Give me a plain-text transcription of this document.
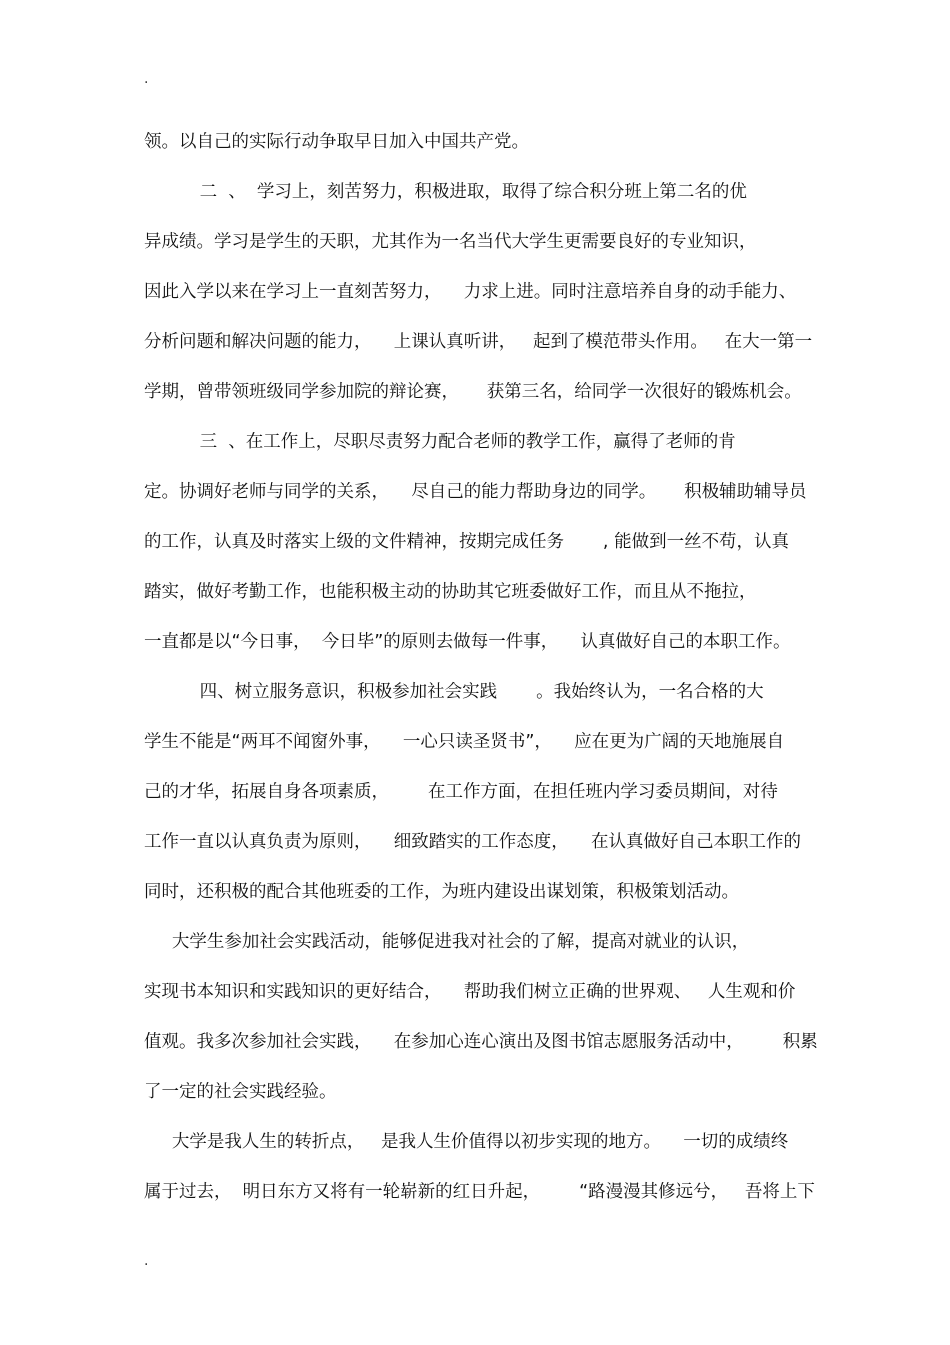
.
领。以自己的实际行动争取早日加入中国共产党。
二  、  学习上，刻苦努力，积极进取，取得了综合积分班上第二名的优
异成绩。学习是学生的天职，尤其作为一名当代大学生更需要良好的专业知识，
因此入学以来在学习上一直刻苦努力，    力求上进。同时注意培养自身的动手能力、
分析问题和解决问题的能力，    上课认真听讲，   起到了模范带头作用。   在大一第一
学期，曾带领班级同学参加院的辩论赛，     获第三名，给同学一次很好的锻炼机会。
三  、在工作上，尽职尽责努力配合老师的教学工作，赢得了老师的肯
定。协调好老师与同学的关系，    尽自己的能力帮助身边的同学。     积极辅助辅导员
的工作，认真及时落实上级的文件精神，按期完成任务       , 能做到一丝不苟，认真
踏实，做好考勤工作，也能积极主动的协助其它班委做好工作，而且从不拖拉，
一直都是以“今日事，  今日毕”的原则去做每一件事，    认真做好自己的本职工作。
四、树立服务意识，积极参加社会实践       。我始终认为，一名合格的大
学生不能是“两耳不闻窗外事，    一心只读圣贤书”，    应在更为广阔的天地施展自
己的才华，拓展自身各项素质，       在工作方面，在担任班内学习委员期间，对待
工作一直以认真负责为原则，    细致踏实的工作态度，    在认真做好自己本职工作的
同时，还积极的配合其他班委的工作，为班内建设出谋划策，积极策划活动。
大学生参加社会实践活动，能够促进我对社会的了解，提高对就业的认识，
实现书本知识和实践知识的更好结合，    帮助我们树立正确的世界观、   人生观和价
值观。我多次参加社会实践，    在参加心连心演出及图书馆志愿服务活动中，       积累
了一定的社会实践经验。
大学是我人生的转折点，   是我人生价值得以初步实现的地方。    一切的成绩终
属于过去，  明日东方又将有一轮崭新的红日升起，       “路漫漫其修远兮，   吾将上下
.
